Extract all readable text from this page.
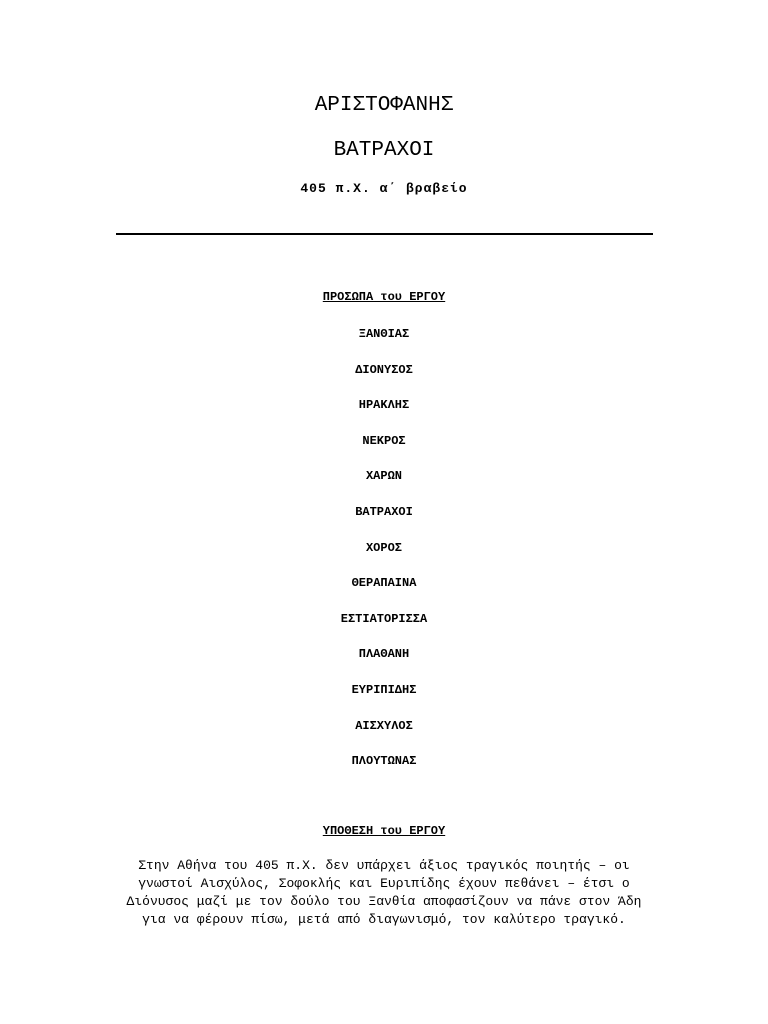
ΑΡΙΣΤΟΦΑΝΗΣ
ΒΑΤΡΑΧΟΙ
405 π.Χ. α΄ βραβείο
ΠΡΟΣΩΠΑ του ΕΡΓΟΥ
ΞΑΝΘΙΑΣ
ΔΙΟΝΥΣΟΣ
ΗΡΑΚΛΗΣ
ΝΕΚΡΟΣ
ΧΑΡΩΝ
ΒΑΤΡΑΧΟΙ
ΧΟΡΟΣ
ΘΕΡΑΠΑΙΝΑ
ΕΣΤΙΑΤΟΡΙΣΣΑ
ΠΛΑΘΑΝΗ
ΕΥΡΙΠΙΔΗΣ
ΑΙΣΧΥΛΟΣ
ΠΛΟΥΤΩΝΑΣ
ΥΠΟΘΕΣΗ του ΕΡΓΟΥ

Στην Αθήνα του 405 π.Χ. δεν υπάρχει άξιος τραγικός ποιητής – οι γνωστοί Αισχύλος, Σοφοκλής και Ευριπίδης έχουν πεθάνει – έτσι ο Διόνυσος μαζί με τον δούλο του Ξανθία αποφασίζουν να πάνε στον Άδη για να φέρουν πίσω, μετά από διαγωνισμό, τον καλύτερο τραγικό.
